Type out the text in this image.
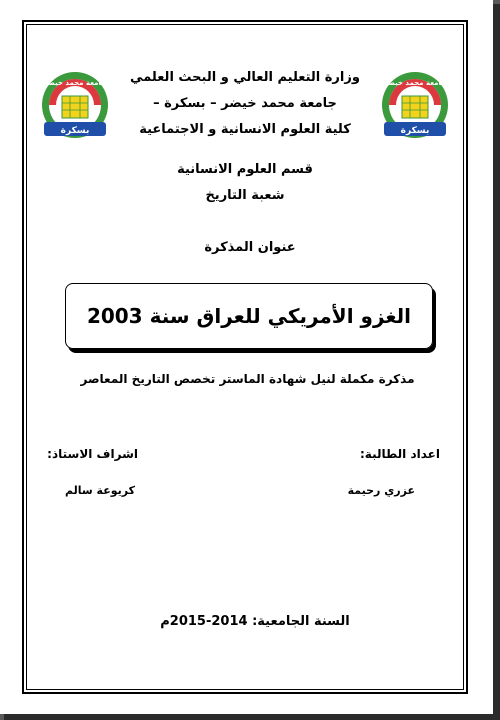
جامعة محمد خيضر
بسكرة
جامعة محمد خيضر
بسكرة
وزارة التعليم العالي و البحث العلمي
جامعة محمد خيضر – بسكرة –
كلية العلوم الانسانية و الاجتماعية
قسم العلوم الانسانية
شعبة التاريخ
عنوان المذكرة
الغزو الأمريكي للعراق سنة 2003
مذكرة مكملة لنيل شهادة الماستر تخصص التاريخ المعاصر
اعداد الطالبة:
اشراف الاستاذ:
عزري رحيمة
كريوعة سالم
السنة الجامعية: 2014-2015م
